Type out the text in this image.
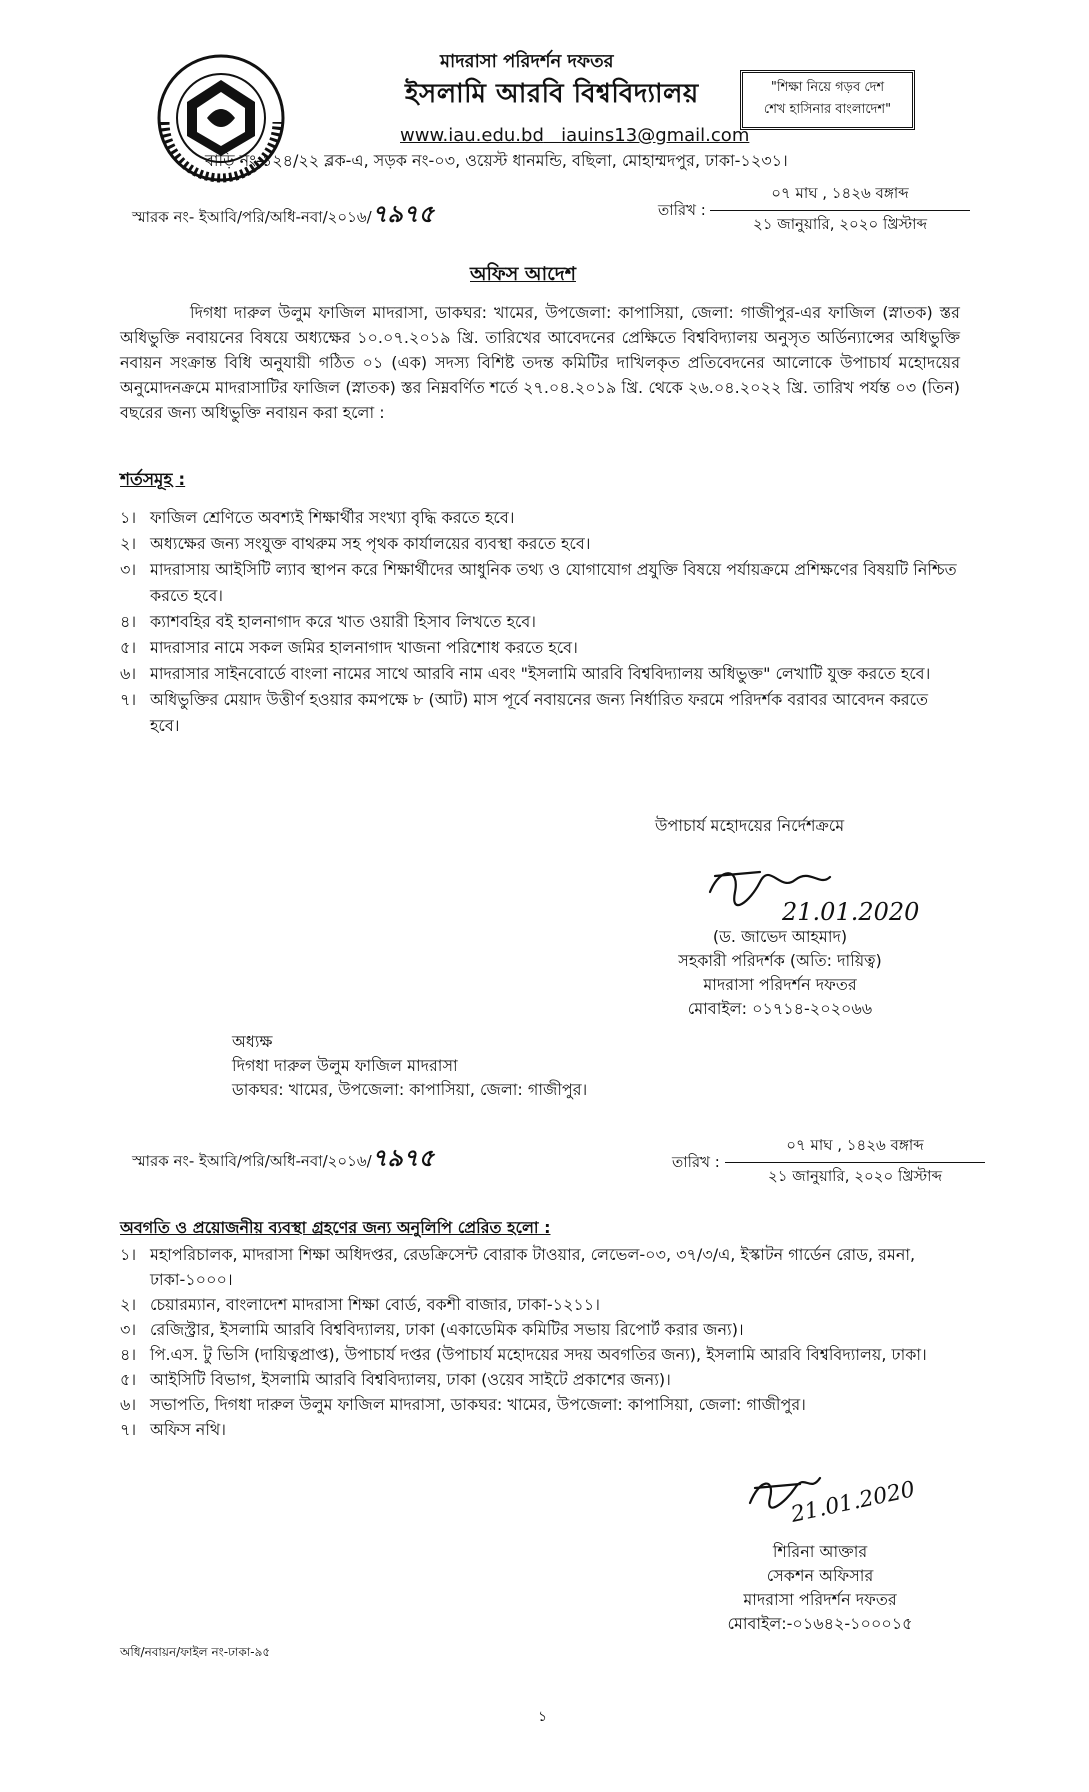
মাদরাসা পরিদর্শন দফতর
ইসলামি আরবি বিশ্ববিদ্যালয়
www.iau.edu.bd iauins13@gmail.com
বাড়ি নং-১২৪/২২ ব্লক-এ, সড়ক নং-০৩, ওয়েস্ট ধানমন্ডি, বছিলা, মোহাম্মদপুর, ঢাকা-১২৩১।
"শিক্ষা নিয়ে গড়ব দেশ
শেখ হাসিনার বাংলাদেশ"
স্মারক নং- ইআবি/পরি/অধি-নবা/২০১৬/৭৯৭৫	তারিখ :
০৭ মাঘ , ১৪২৬ বঙ্গাব্দ
২১ জানুয়ারি, ২০২০ খ্রিস্টাব্দ
অফিস আদেশ

দিগধা দারুল উলুম ফাজিল মাদরাসা, ডাকঘর: খামের, উপজেলা: কাপাসিয়া, জেলা: গাজীপুর-এর ফাজিল (স্নাতক) স্তর অধিভুক্তি নবায়নের বিষয়ে অধ্যক্ষের ১০.০৭.২০১৯ খ্রি. তারিখের আবেদনের প্রেক্ষিতে বিশ্ববিদ্যালয় অনুসৃত অর্ডিন্যান্সের অধিভুক্তি নবায়ন সংক্রান্ত বিধি অনুযায়ী গঠিত ০১ (এক) সদস্য বিশিষ্ট তদন্ত কমিটির দাখিলকৃত প্রতিবেদনের আলোকে উপাচার্য মহোদয়ের অনুমোদনক্রমে মাদরাসাটির ফাজিল (স্নাতক) স্তর নিম্নবর্ণিত শর্তে ২৭.০৪.২০১৯ খ্রি. থেকে ২৬.০৪.২০২২ খ্রি. তারিখ পর্যন্ত ০৩ (তিন) বছরের জন্য অধিভুক্তি নবায়ন করা হলো :

শর্তসমূহ :
১। ফাজিল শ্রেণিতে অবশ্যই শিক্ষার্থীর সংখ্যা বৃদ্ধি করতে হবে।
২। অধ্যক্ষের জন্য সংযুক্ত বাথরুম সহ পৃথক কার্যালয়ের ব্যবস্থা করতে হবে।
৩। মাদরাসায় আইসিটি ল্যাব স্থাপন করে শিক্ষার্থীদের আধুনিক তথ্য ও যোগাযোগ প্রযুক্তি বিষয়ে পর্যায়ক্রমে প্রশিক্ষণের বিষয়টি নিশ্চিত করতে হবে।
৪। ক্যাশবহির বই হালনাগাদ করে খাত ওয়ারী হিসাব লিখতে হবে।
৫। মাদরাসার নামে সকল জমির হালনাগাদ খাজনা পরিশোধ করতে হবে।
৬। মাদরাসার সাইনবোর্ডে বাংলা নামের সাথে আরবি নাম এবং "ইসলামি আরবি বিশ্ববিদ্যালয় অধিভুক্ত" লেখাটি যুক্ত করতে হবে।
৭। অধিভুক্তির মেয়াদ উত্তীর্ণ হওয়ার কমপক্ষে ৮ (আট) মাস পূর্বে নবায়নের জন্য নির্ধারিত ফরমে পরিদর্শক বরাবর আবেদন করতে হবে।
উপাচার্য মহোদয়ের নির্দেশক্রমে
21.01.2020
(ড. জাভেদ আহমাদ)
সহকারী পরিদর্শক (অতি: দায়িত্ব)
মাদরাসা পরিদর্শন দফতর
মোবাইল: ০১৭১৪-২০২০৬৬
অধ্যক্ষ
দিগধা দারুল উলুম ফাজিল মাদরাসা
ডাকঘর: খামের, উপজেলা: কাপাসিয়া, জেলা: গাজীপুর।
স্মারক নং- ইআবি/পরি/অধি-নবা/২০১৬/৭৯৭৫	তারিখ :
০৭ মাঘ , ১৪২৬ বঙ্গাব্দ
২১ জানুয়ারি, ২০২০ খ্রিস্টাব্দ
অবগতি ও প্রয়োজনীয় ব্যবস্থা গ্রহণের জন্য অনুলিপি প্রেরিত হলো :
১। মহাপরিচালক, মাদরাসা শিক্ষা অধিদপ্তর, রেডক্রিসেন্ট বোরাক টাওয়ার, লেভেল-০৩, ৩৭/৩/এ, ইস্কাটন গার্ডেন রোড, রমনা, ঢাকা-১০০০।
২। চেয়ারম্যান, বাংলাদেশ মাদরাসা শিক্ষা বোর্ড, বকশী বাজার, ঢাকা-১২১১।
৩। রেজিস্ট্রার, ইসলামি আরবি বিশ্ববিদ্যালয়, ঢাকা (একাডেমিক কমিটির সভায় রিপোর্ট করার জন্য)।
৪। পি.এস. টু ভিসি (দায়িত্বপ্রাপ্ত), উপাচার্য দপ্তর (উপাচার্য মহোদয়ের সদয় অবগতির জন্য), ইসলামি আরবি বিশ্ববিদ্যালয়, ঢাকা।
৫। আইসিটি বিভাগ, ইসলামি আরবি বিশ্ববিদ্যালয়, ঢাকা (ওয়েব সাইটে প্রকাশের জন্য)।
৬। সভাপতি, দিগধা দারুল উলুম ফাজিল মাদরাসা, ডাকঘর: খামের, উপজেলা: কাপাসিয়া, জেলা: গাজীপুর।
৭। অফিস নথি।
21.01.2020
শিরিনা আক্তার
সেকশন অফিসার
মাদরাসা পরিদর্শন দফতর
মোবাইল:-০১৬৪২-১০০০১৫
অধি/নবায়ন/ফাইল নং-ঢাকা-৯৫
১
